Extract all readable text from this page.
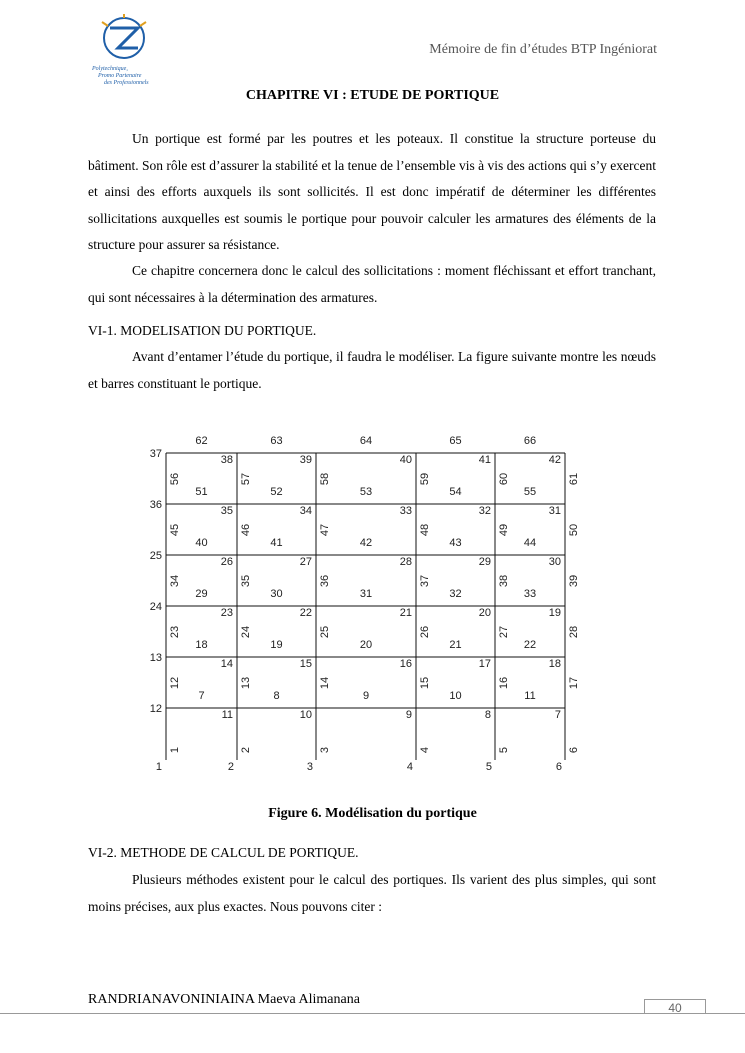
Polytechnique,
Promo Partenaire
des Professionnels
Mémoire de fin d’études BTP Ingéniorat
CHAPITRE VI : ETUDE DE PORTIQUE

Un portique est formé par les poutres et les poteaux. Il constitue la structure porteuse du bâtiment. Son rôle est d’assurer la stabilité et la tenue de l’ensemble vis à vis des actions qui s’y exercent et ainsi des efforts auxquels ils sont sollicités. Il est donc impératif de déterminer les différentes sollicitations auxquelles est soumis le portique pour pouvoir calculer les armatures des éléments de la structure pour assurer sa résistance.

Ce chapitre concernera donc le calcul des sollicitations : moment fléchissant et effort tranchant, qui sont nécessaires à la détermination des armatures.

VI-1. MODELISATION DU PORTIQUE.

Avant d’entamer l’étude du portique, il faudra le modéliser. La figure suivante montre les nœuds et barres constituant le portique.

62	63	64	65	66
37
36
25
24
13
12
1	2	3	4	5	6
38	39	40	41	42
56	57	58	59	60	61
51	52	53	54	55
35	34	33	32	31
45	46	47	48	49	50
40	41	42	43	44
26	27	28	29	30
34	35	36	37	38	39
29	30	31	32	33
23	22	21	20	19
23	24	25	26	27	28
18	19	20	21	22
14	15	16	17	18
12	13	14	15	16	17
7	8	9	10	11
11	10	9	8	7
1	2	3	4	5	6
Figure 6. Modélisation du portique

VI-2. METHODE DE CALCUL DE PORTIQUE.

Plusieurs méthodes existent pour le calcul des portiques. Ils varient des plus simples, qui sont moins précises, aux plus exactes. Nous pouvons citer :

RANDRIANAVONINIAINA Maeva Alimanana
40
